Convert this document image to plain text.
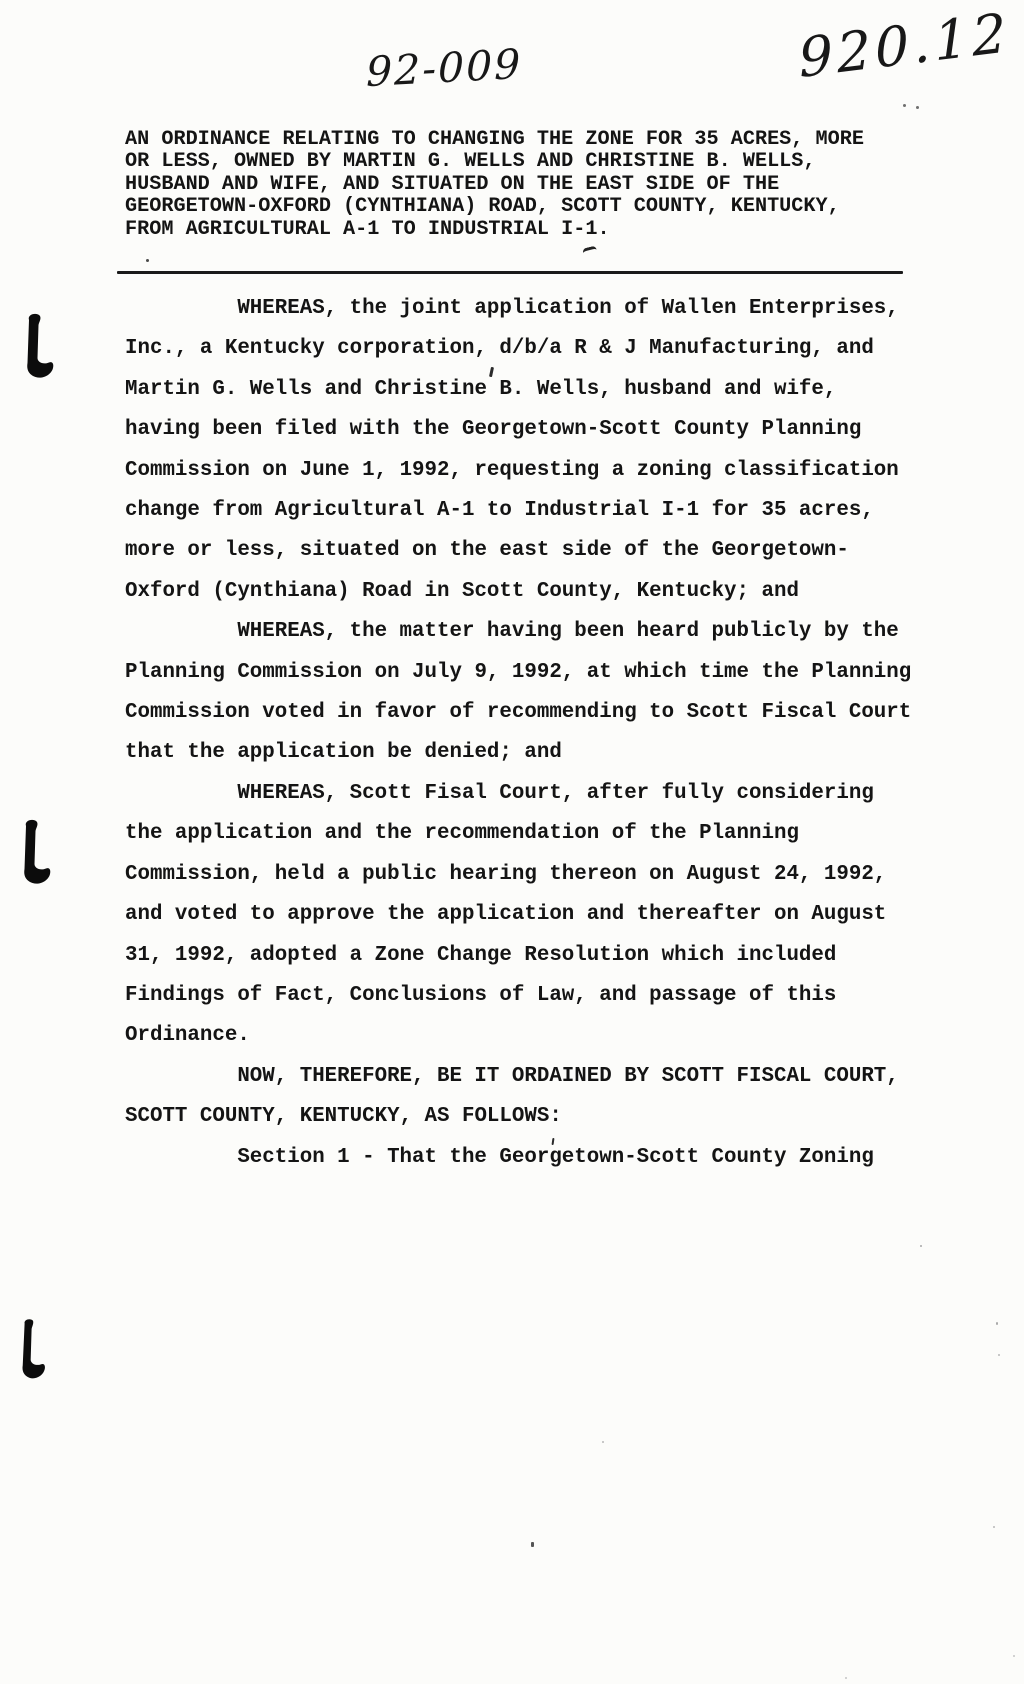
920.12
92-009
AN ORDINANCE RELATING TO CHANGING THE ZONE FOR 35 ACRES, MORE
OR LESS, OWNED BY MARTIN G. WELLS AND CHRISTINE B. WELLS,
HUSBAND AND WIFE, AND SITUATED ON THE EAST SIDE OF THE
GEORGETOWN-OXFORD (CYNTHIANA) ROAD, SCOTT COUNTY, KENTUCKY,
FROM AGRICULTURAL A-1 TO INDUSTRIAL I-1.
WHEREAS, the joint application of Wallen Enterprises,
Inc., a Kentucky corporation, d/b/a R & J Manufacturing, and
Martin G. Wells and Christine B. Wells, husband and wife,
having been filed with the Georgetown-Scott County Planning
Commission on June 1, 1992, requesting a zoning classification
change from Agricultural A-1 to Industrial I-1 for 35 acres,
more or less, situated on the east side of the Georgetown-
Oxford (Cynthiana) Road in Scott County, Kentucky; and
WHEREAS, the matter having been heard publicly by the
Planning Commission on July 9, 1992, at which time the Planning
Commission voted in favor of recommending to Scott Fiscal Court
that the application be denied; and
WHEREAS, Scott Fisal Court, after fully considering
the application and the recommendation of the Planning
Commission, held a public hearing thereon on August 24, 1992,
and voted to approve the application and thereafter on August
31, 1992, adopted a Zone Change Resolution which included
Findings of Fact, Conclusions of Law, and passage of this
Ordinance.
NOW, THEREFORE, BE IT ORDAINED BY SCOTT FISCAL COURT,
SCOTT COUNTY, KENTUCKY, AS FOLLOWS:
Section 1 - That the Georgetown-Scott County Zoning
